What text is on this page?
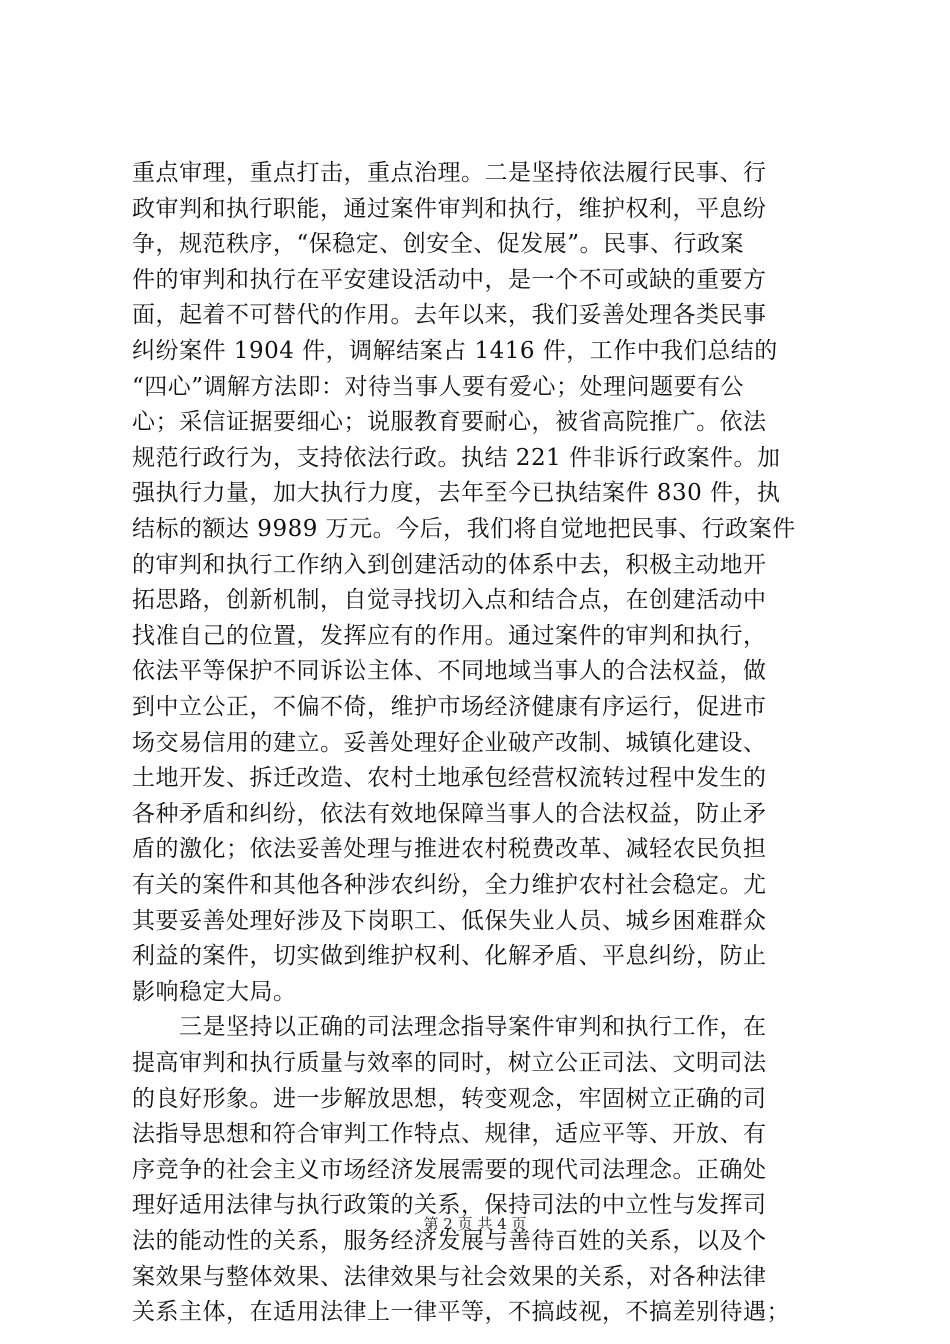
重点审理，重点打击，重点治理。二是坚持依法履行民事、行
政审判和执行职能，通过案件审判和执行，维护权利，平息纷
争，规范秩序，“保稳定、创安全、促发展”。民事、行政案
件的审判和执行在平安建设活动中，是一个不可或缺的重要方
面，起着不可替代的作用。去年以来，我们妥善处理各类民事
纠纷案件 1904 件，调解结案占 1416 件，工作中我们总结的
“四心”调解方法即：对待当事人要有爱心；处理问题要有公
心；采信证据要细心；说服教育要耐心，被省高院推广。依法
规范行政行为，支持依法行政。执结 221 件非诉行政案件。加
强执行力量，加大执行力度，去年至今已执结案件 830 件，执
结标的额达 9989 万元。今后，我们将自觉地把民事、行政案件
的审判和执行工作纳入到创建活动的体系中去，积极主动地开
拓思路，创新机制，自觉寻找切入点和结合点，在创建活动中
找准自己的位置，发挥应有的作用。通过案件的审判和执行，
依法平等保护不同诉讼主体、不同地域当事人的合法权益，做
到中立公正，不偏不倚，维护市场经济健康有序运行，促进市
场交易信用的建立。妥善处理好企业破产改制、城镇化建设、
土地开发、拆迁改造、农村土地承包经营权流转过程中发生的
各种矛盾和纠纷，依法有效地保障当事人的合法权益，防止矛
盾的激化；依法妥善处理与推进农村税费改革、减轻农民负担
有关的案件和其他各种涉农纠纷，全力维护农村社会稳定。尤
其要妥善处理好涉及下岗职工、低保失业人员、城乡困难群众
利益的案件，切实做到维护权利、化解矛盾、平息纠纷，防止
影响稳定大局。
　　三是坚持以正确的司法理念指导案件审判和执行工作，在
提高审判和执行质量与效率的同时，树立公正司法、文明司法
的良好形象。进一步解放思想，转变观念，牢固树立正确的司
法指导思想和符合审判工作特点、规律，适应平等、开放、有
序竞争的社会主义市场经济发展需要的现代司法理念。正确处
理好适用法律与执行政策的关系，保持司法的中立性与发挥司
法的能动性的关系，服务经济发展与善待百姓的关系，以及个
案效果与整体效果、法律效果与社会效果的关系，对各种法律
关系主体，在适用法律上一律平等，不搞歧视，不搞差别待遇；
第 2 页 共 4 页
